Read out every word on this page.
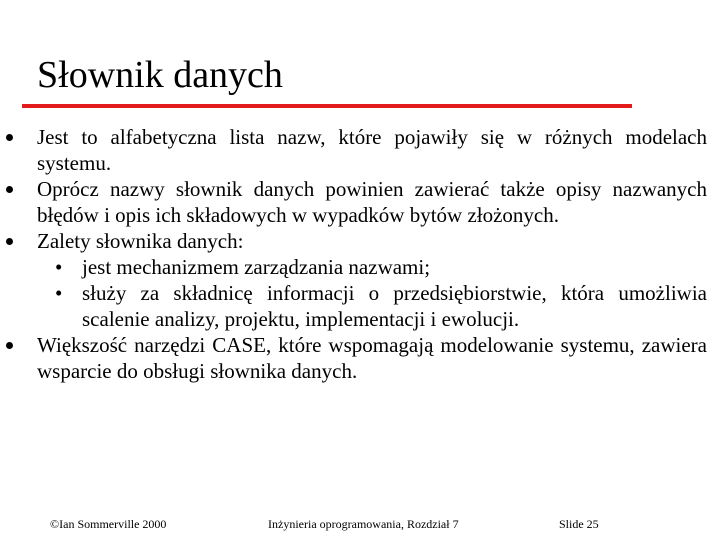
Słownik danych

Jest to alfabetyczna lista nazw, które pojawiły się w różnych modelach systemu.

Oprócz nazwy słownik danych powinien zawierać także opisy nazwanych błędów i opis ich składowych w wypadków bytów złożonych.

Zalety słownika danych:

• jest mechanizmem zarządzania nazwami;

• służy za składnicę informacji o przedsiębiorstwie, która umożliwia scalenie analizy, projektu, implementacji i ewolucji.

Większość narzędzi CASE, które wspomagają modelowanie systemu, zawiera wsparcie do obsługi słownika danych.

©Ian Sommerville 2000	Inżynieria oprogramowania, Rozdział 7	Slide 25
